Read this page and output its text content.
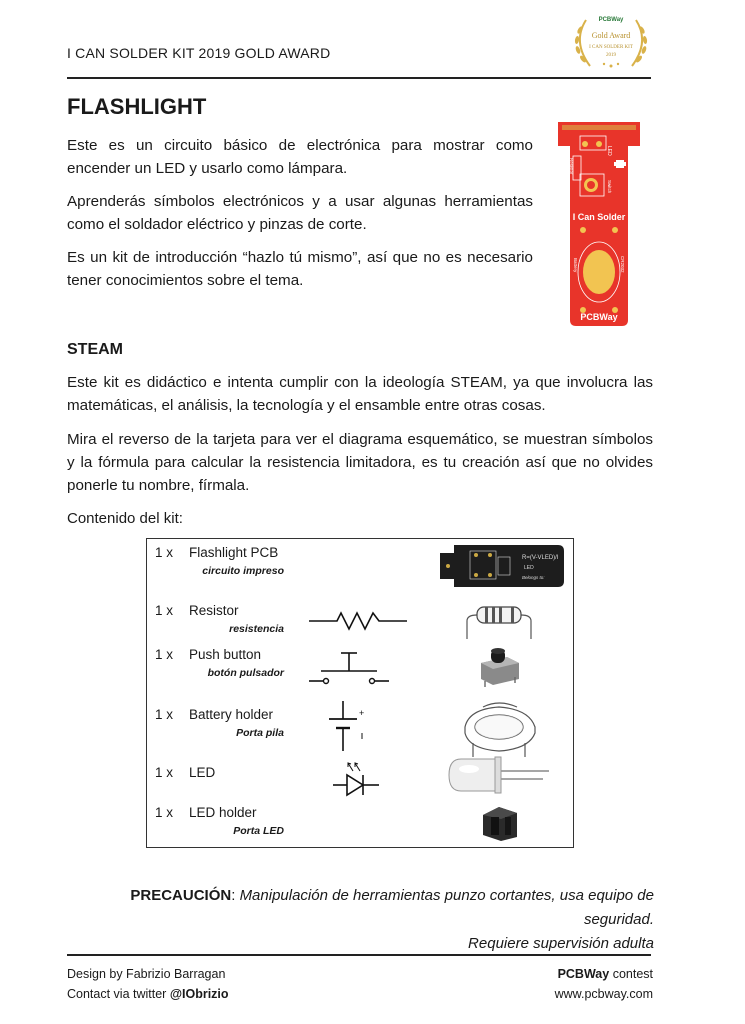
I CAN SOLDER KIT 2019 GOLD AWARD
PCBWay
Gold Award
I CAN SOLDER KIT
2019
FLASHLIGHT
Este es un circuito básico de electrónica para mostrar como encender un LED y usarlo como lámpara.
Aprenderás símbolos electrónicos y a usar algunas herramientas como el soldador eléctrico y pinzas de corte.
Es un kit de introducción “hazlo tú mismo”, así que no es necesario tener conocimientos sobre el tema.
LED
Resistor
Switch
I Can Solder
Battery	CR2032
PCBWay
STEAM
Este kit es didáctico e intenta cumplir con la ideología STEAM, ya que involucra las matemáticas, el análisis, la tecnología y el ensamble entre otras cosas.
Mira el reverso de la tarjeta para ver el diagrama esquemático, se muestran símbolos y la fórmula para calcular la resistencia limitadora, es tu creación así que no olvides ponerle tu nombre, fírmala.
Contenido del kit:
1 x Flashlight PCB
circuito impreso
R=(V-VLED)/I
LED
Belongs to:
1 x Resistor
resistencia
1 x Push button
botón pulsador
1 x Battery holder
Porta pila
+
1 x LED
1 x LED holder
Porta LED
PRECAUCIÓN: Manipulación de herramientas punzo cortantes, usa equipo de seguridad.
Requiere supervisión adulta
Design by Fabrizio Barragan
Contact via twitter @IObrizio
PCBWay contest
www.pcbway.com
